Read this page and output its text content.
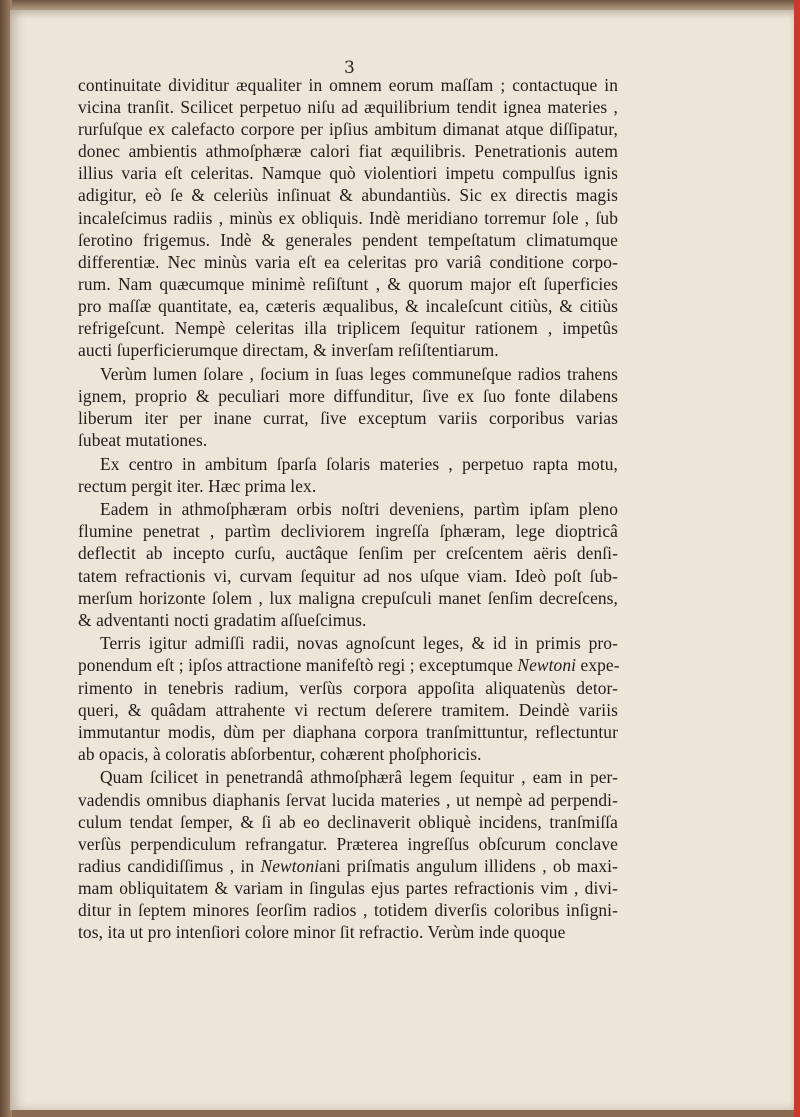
3
continuitate dividitur æqualiter in omnem eorum maſſam ; contactuque in
vicina tranſit. Scilicet perpetuo niſu ad æquilibrium tendit ignea materies ,
rurſuſque ex calefacto corpore per ipſius ambitum dimanat atque diſſipatur,
donec ambientis athmoſphæræ calori fiat æquilibris. Penetrationis autem
illius varia eſt celeritas. Namque quò violentiori impetu compulſus ignis
adigitur, eò ſe & celeriùs inſinuat & abundantiùs. Sic ex directis magis
incaleſcimus radiis , minùs ex obliquis. Indè meridiano torremur ſole , ſub
ſerotino frigemus. Indè & generales pendent tempeſtatum climatumque
differentiæ. Nec minùs varia eſt ea celeritas pro variâ conditione corpo-
rum. Nam quæcumque minimè reſiſtunt , & quorum major eſt ſuperficies
pro maſſæ quantitate, ea, cæteris æqualibus, & incaleſcunt citiùs, & citiùs
refrigeſcunt. Nempè celeritas illa triplicem ſequitur rationem , impetûs
aucti ſuperficierumque directam, & inverſam reſiſtentiarum.
Verùm lumen ſolare , ſocium in ſuas leges communeſque radios trahens
ignem, proprio & peculiari more diffunditur, ſive ex ſuo fonte dilabens
liberum iter per inane currat, ſive exceptum variis corporibus varias
ſubeat mutationes.
Ex centro in ambitum ſparſa ſolaris materies , perpetuo rapta motu,
rectum pergit iter. Hæc prima lex.
Eadem in athmoſphæram orbis noſtri deveniens, partìm ipſam pleno
flumine penetrat , partìm decliviorem ingreſſa ſphæram, lege dioptricâ
deflectit ab incepto curſu, auctâque ſenſim per creſcentem aëris denſi-
tatem refractionis vi, curvam ſequitur ad nos uſque viam. Ideò poſt ſub-
merſum horizonte ſolem , lux maligna crepuſculi manet ſenſim decreſcens,
& adventanti nocti gradatim aſſueſcimus.
Terris igitur admiſſi radii, novas agnoſcunt leges, & id in primis pro-
ponendum eſt ; ipſos attractione manifeſtò regi ; exceptumque Newtoni expe-
rimento in tenebris radium, verſùs corpora appoſita aliquatenùs detor-
queri, & quâdam attrahente vi rectum deſerere tramitem. Deindè variis
immutantur modis, dùm per diaphana corpora tranſmittuntur, reflectuntur
ab opacis, à coloratis abſorbentur, cohærent phoſphoricis.
Quam ſcilicet in penetrandâ athmoſphærâ legem ſequitur , eam in per-
vadendis omnibus diaphanis ſervat lucida materies , ut nempè ad perpendi-
culum tendat ſemper, & ſi ab eo declinaverit obliquè incidens, tranſmiſſa
verſùs perpendiculum refrangatur. Præterea ingreſſus obſcurum conclave
radius candidiſſimus , in Newtoniani priſmatis angulum illidens , ob maxi-
mam obliquitatem & variam in ſingulas ejus partes refractionis vim , divi-
ditur in ſeptem minores ſeorſim radios , totidem diverſis coloribus inſigni-
tos, ita ut pro intenſiori colore minor ſit refractio. Verùm inde quoque
